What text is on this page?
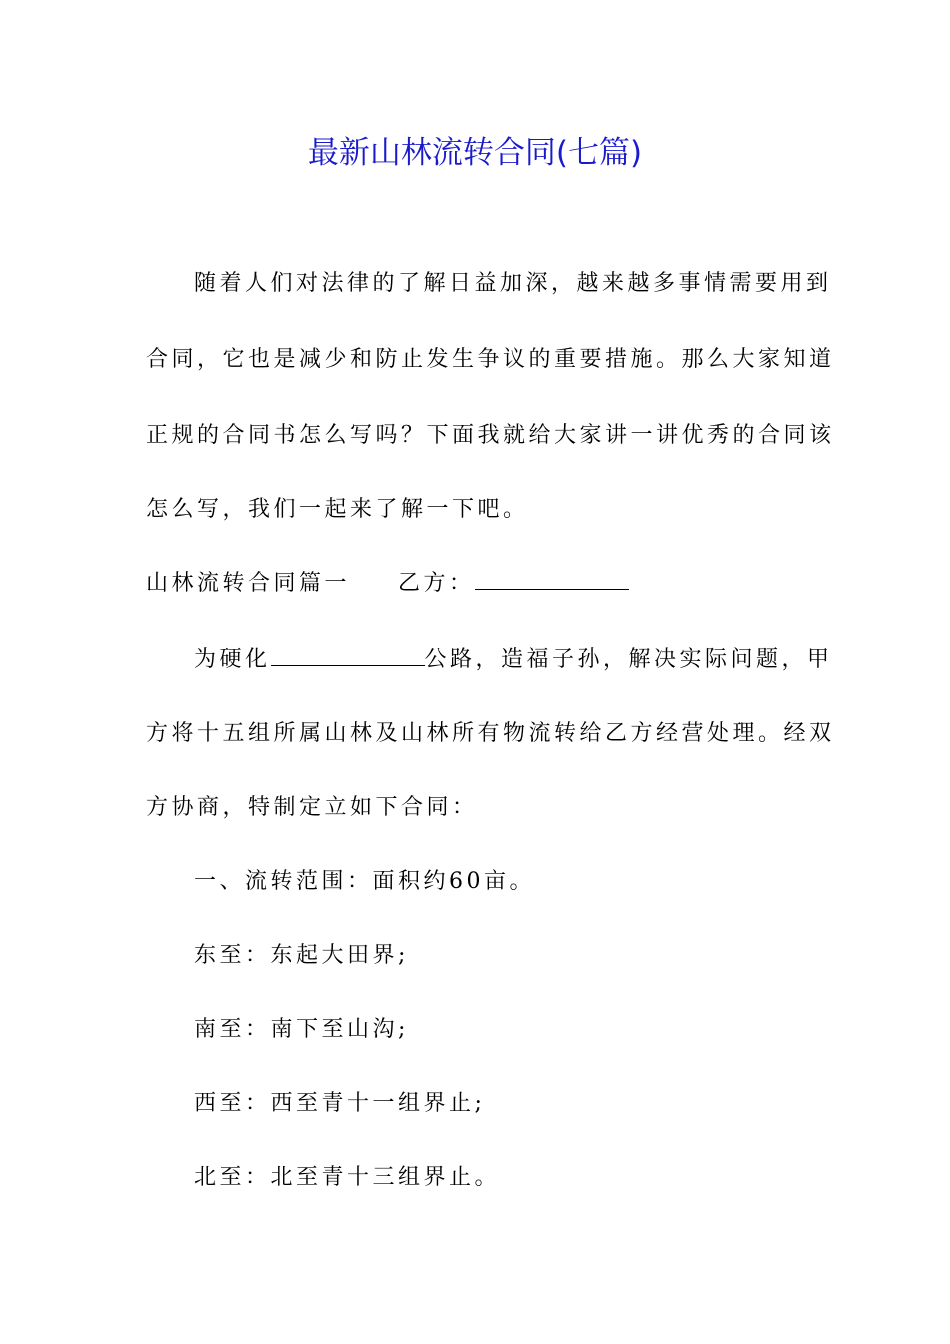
最新山林流转合同(七篇)
随着人们对法律的了解日益加深，越来越多事情需要用到
合同，它也是减少和防止发生争议的重要措施。那么大家知道
正规的合同书怎么写吗？下面我就给大家讲一讲优秀的合同该
怎么写，我们一起来了解一下吧。
山林流转合同篇一 乙方：
为硬化	公路，造福子孙，解决实际问题，甲
方将十五组所属山林及山林所有物流转给乙方经营处理。经双
方协商，特制定立如下合同：
一、流转范围：面积约60亩。
东至：东起大田界;
南至：南下至山沟;
西至：西至青十一组界止;
北至：北至青十三组界止。
